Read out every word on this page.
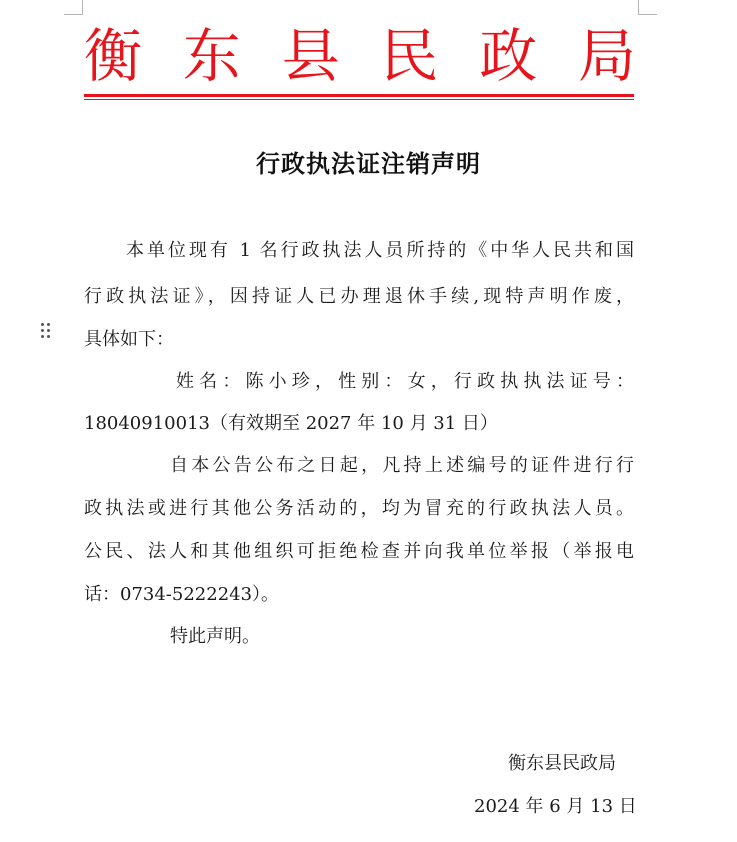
衡 东 县 民 政 局
行政执法证注销声明
本单位现有 1 名行政执法人员所持的《中华人民共和国
行政执法证》，因持证人已办理退休手续,现特声明作废，
具体如下：
姓名：陈小珍，性别：女，行政执执法证号：
18040910013（有效期至 2027 年 10 月 31 日）
自本公告公布之日起，凡持上述编号的证件进行行
政执法或进行其他公务活动的，均为冒充的行政执法人员。
公民、法人和其他组织可拒绝检查并向我单位举报（举报电
话：0734-5222243）。
特此声明。
衡东县民政局
2024 年 6 月 13 日
